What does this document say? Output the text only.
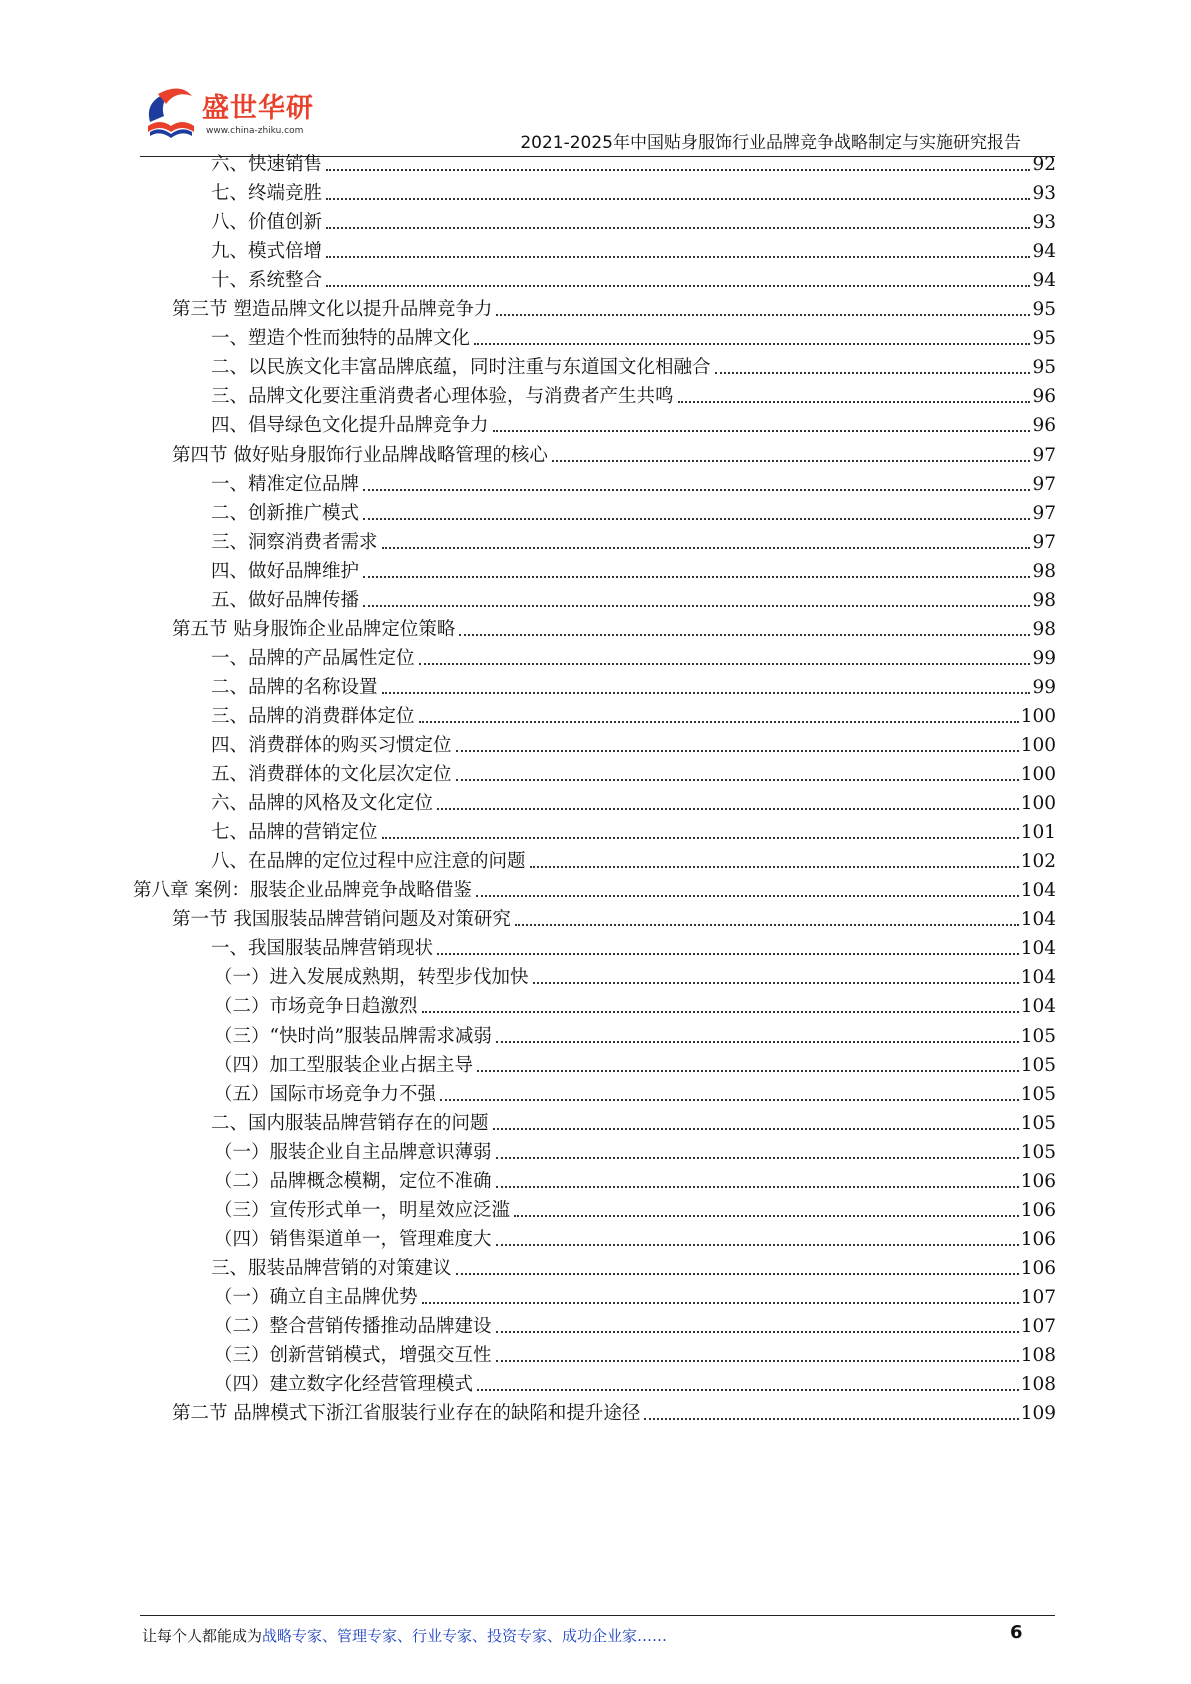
盛世华研
www.china-zhiku.com
2021-2025年中国贴身服饰行业品牌竞争战略制定与实施研究报告
六、快速销售	92
七、终端竞胜	93
八、价值创新	93
九、模式倍增	94
十、系统整合	94
第三节 塑造品牌文化以提升品牌竞争力	95
一、塑造个性而独特的品牌文化	95
二、以民族文化丰富品牌底蕴，同时注重与东道国文化相融合	95
三、品牌文化要注重消费者心理体验，与消费者产生共鸣	96
四、倡导绿色文化提升品牌竞争力	96
第四节 做好贴身服饰行业品牌战略管理的核心	97
一、精准定位品牌	97
二、创新推广模式	97
三、洞察消费者需求	97
四、做好品牌维护	98
五、做好品牌传播	98
第五节 贴身服饰企业品牌定位策略	98
一、品牌的产品属性定位	99
二、品牌的名称设置	99
三、品牌的消费群体定位	100
四、消费群体的购买习惯定位	100
五、消费群体的文化层次定位	100
六、品牌的风格及文化定位	100
七、品牌的营销定位	101
八、在品牌的定位过程中应注意的问题	102
第八章 案例：服装企业品牌竞争战略借鉴	104
第一节 我国服装品牌营销问题及对策研究	104
一、我国服装品牌营销现状	104
（一）进入发展成熟期，转型步伐加快	104
（二）市场竞争日趋激烈	104
（三）“快时尚”服装品牌需求减弱	105
（四）加工型服装企业占据主导	105
（五）国际市场竞争力不强	105
二、国内服装品牌营销存在的问题	105
（一）服装企业自主品牌意识薄弱	105
（二）品牌概念模糊，定位不准确	106
（三）宣传形式单一，明星效应泛滥	106
（四）销售渠道单一，管理难度大	106
三、服装品牌营销的对策建议	106
（一）确立自主品牌优势	107
（二）整合营销传播推动品牌建设	107
（三）创新营销模式，增强交互性	108
（四）建立数字化经营管理模式	108
第二节 品牌模式下浙江省服装行业存在的缺陷和提升途径	109
让每个人都能成为战略专家、管理专家、行业专家、投资专家、成功企业家……	6
